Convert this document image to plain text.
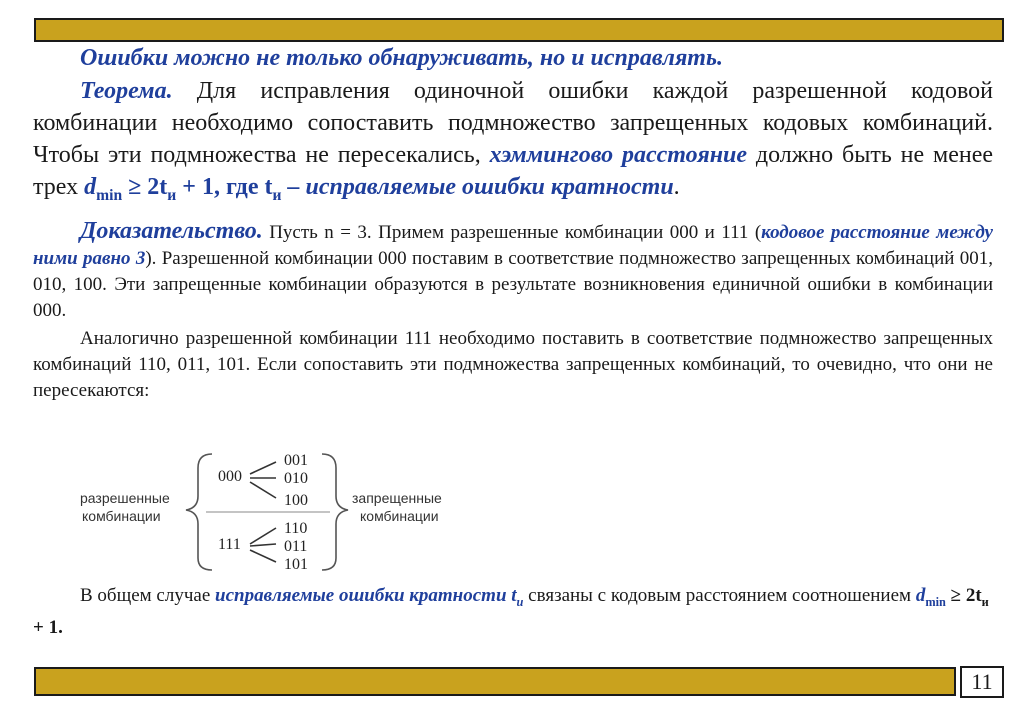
Ошибки можно не только обнаруживать, но и исправлять.
Теорема. Для исправления одиночной ошибки каждой разрешенной кодовой комбинации необходимо сопоставить подмножество запрещенных кодовых комбинаций. Чтобы эти подмножества не пересекались, хэммингово расстояние должно быть не менее трех $d_{min} \ge 2t_и + 1$, где $t_и$ – исправляемые ошибки кратности.
Доказательство. Пусть n = 3. Примем разрешенные комбинации 000 и 111 (кодовое расстояние между ними равно 3). Разрешенной комбинации 000 поставим в соответствие подмножество запрещенных комбинаций 001, 010, 100. Эти запрещенные комбинации образуются в результате возникновения единичной ошибки в комбинации 000.
Аналогично разрешенной комбинации 111 необходимо поставить в соответствие подмножество запрещенных комбинаций 110, 011, 101. Если сопоставить эти подмножества запрещенных комбинаций, то очевидно, что они не пересекаются:
разрешенные
комбинации
000
001
010
100
111
110
011
101
запрещенные
комбинации
В общем случае исправляемые ошибки кратности $t_и$ связаны с кодовым расстоянием соотношением $d_{min} \ge 2t_и + 1$.
11
